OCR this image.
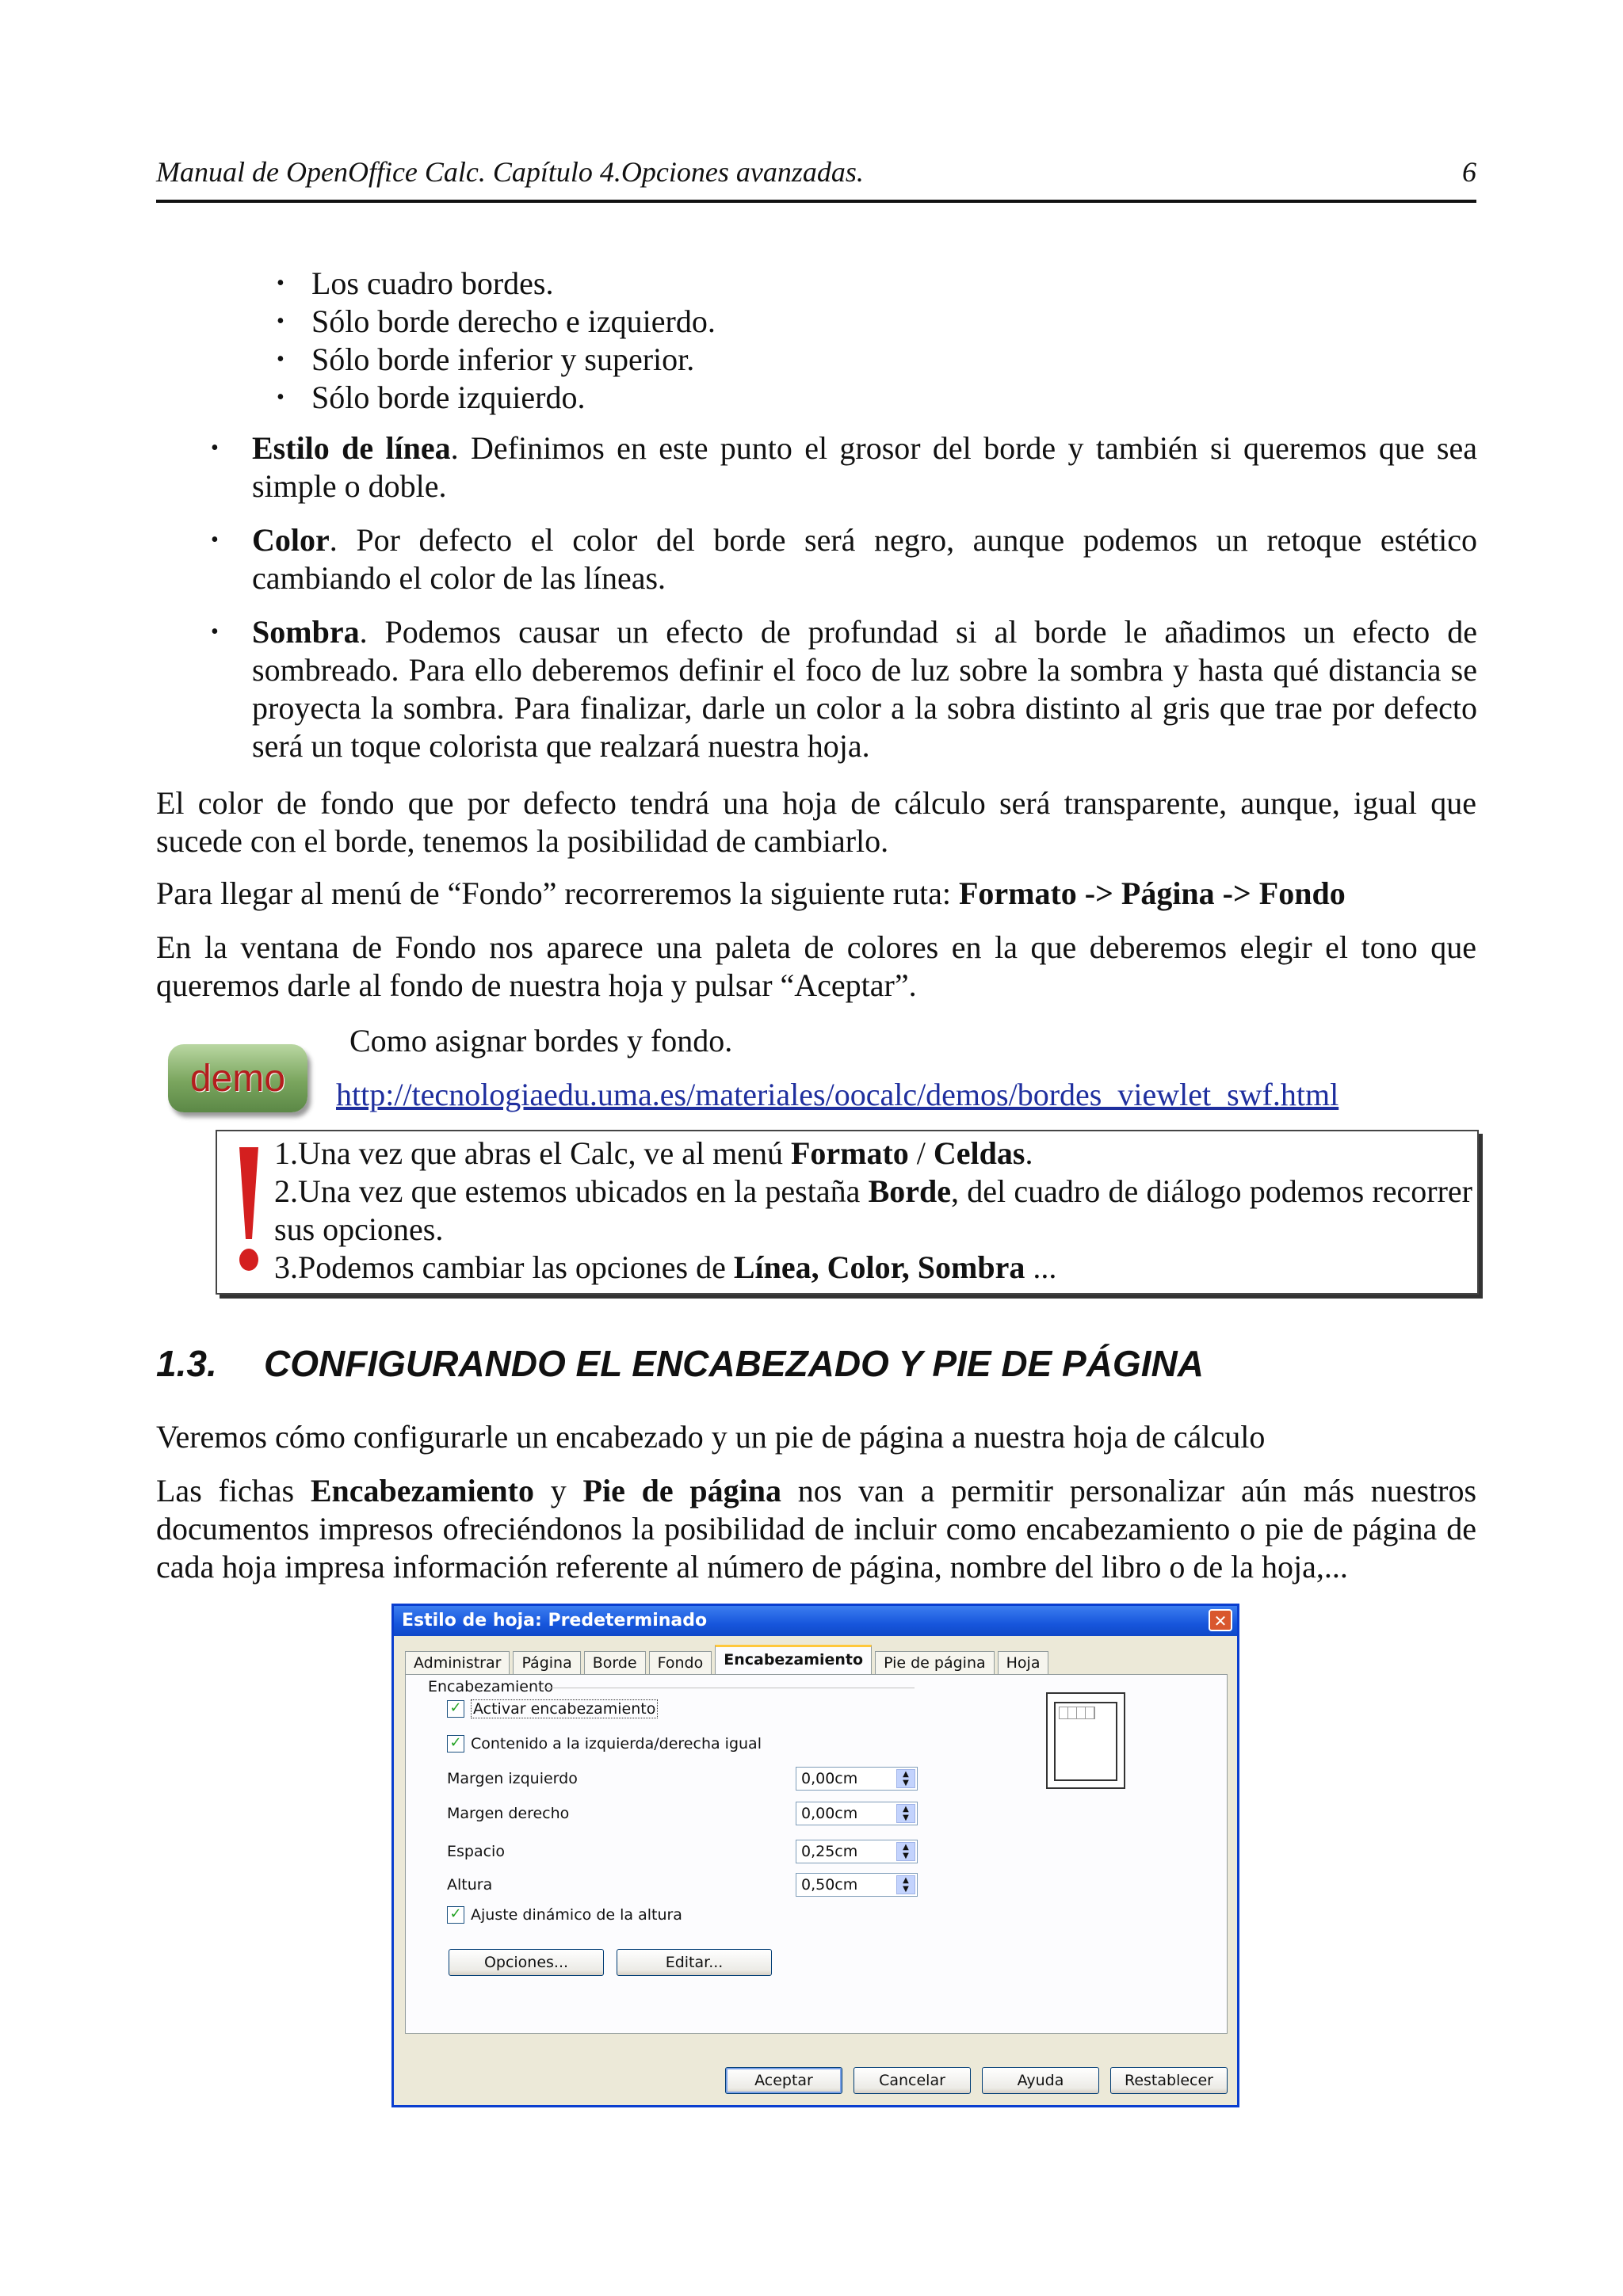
Manual de OpenOffice Calc. Capítulo 4.Opciones avanzadas.	6
• Los cuadro bordes.
• Sólo borde derecho e izquierdo.
• Sólo borde inferior y superior.
• Sólo borde izquierdo.
• Estilo de línea. Definimos en este punto el grosor del borde y también si queremos que sea simple o doble.
• Color. Por defecto el color del borde será negro, aunque podemos un retoque estético cambiando el color de las líneas.
• Sombra. Podemos causar un efecto de profundad si al borde le añadimos un efecto de sombreado. Para ello deberemos definir el foco de luz sobre la sombra y hasta qué distancia se proyecta la sombra. Para finalizar, darle un color a la sobra distinto al gris que trae por defecto será un toque colorista que realzará nuestra hoja.
El color de fondo que por defecto tendrá una hoja de cálculo será transparente, aunque, igual que sucede con el borde, tenemos la posibilidad de cambiarlo.
Para llegar al menú de “Fondo” recorreremos la siguiente ruta: Formato -> Página -> Fondo
En la ventana de Fondo nos aparece una paleta de colores en la que deberemos elegir el tono que queremos darle al fondo de nuestra hoja y pulsar “Aceptar”.
demo
Como asignar bordes y fondo.
http://tecnologiaedu.uma.es/materiales/oocalc/demos/bordes_viewlet_swf.html
1.Una vez que abras el Calc, ve al menú Formato / Celdas.
2.Una vez que estemos ubicados en la pestaña Borde, del cuadro de diálogo podemos recorrer sus opciones.
3.Podemos cambiar las opciones de Línea, Color, Sombra ...
1.3. CONFIGURANDO EL ENCABEZADO Y PIE DE PÁGINA
Veremos cómo configurarle un encabezado y un pie de página a nuestra hoja de cálculo
Las fichas Encabezamiento y Pie de página nos van a permitir personalizar aún más nuestros documentos impresos ofreciéndonos la posibilidad de incluir como encabezamiento o pie de página de cada hoja impresa información referente al número de página, nombre del libro o de la hoja,...
Estilo de hoja: Predeterminado	✕
Administrar	Página	Borde	Fondo	Encabezamiento	Pie de página	Hoja
Encabezamiento
✓ Activar encabezamiento
✓ Contenido a la izquierda/derecha igual
Margen izquierdo	0,00cm	▲
▼
Margen derecho	0,00cm	▲
▼
Espacio	0,25cm	▲
▼
Altura	0,50cm	▲
▼
✓ Ajuste dinámico de la altura
Opciones...	Editar...
Aceptar	Cancelar	Ayuda	Restablecer
